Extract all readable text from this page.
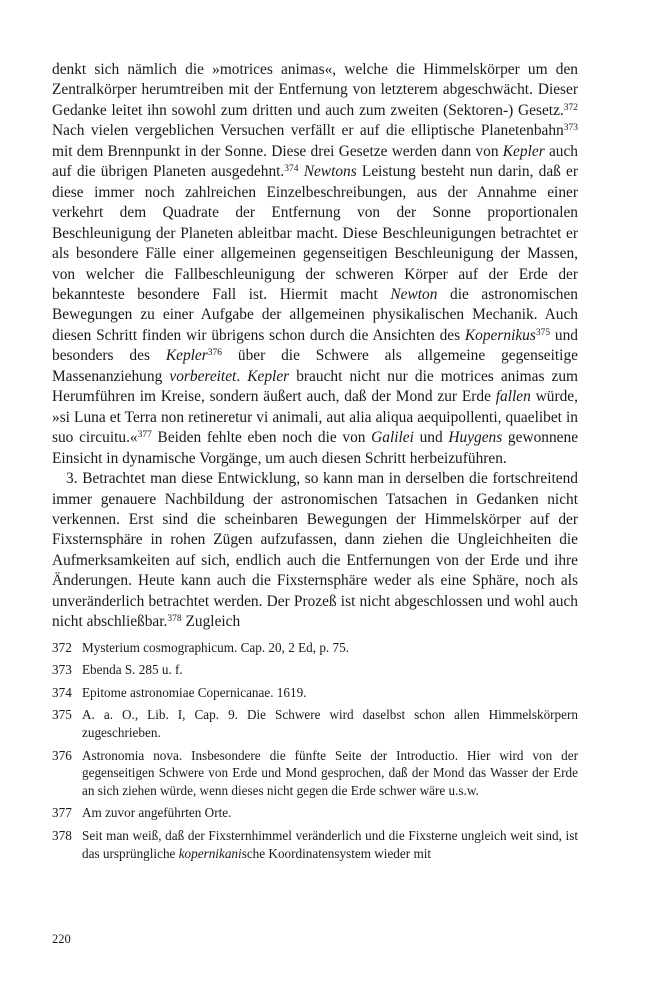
denkt sich nämlich die »motrices animas«, welche die Himmelskörper um den Zentralkörper herumtreiben mit der Entfernung von letzterem abgeschwächt. Dieser Gedanke leitet ihn sowohl zum dritten und auch zum zweiten (Sektoren-) Gesetz.$^{372}$ Nach vielen vergeblichen Versuchen verfällt er auf die elliptische Planetenbahn$^{373}$ mit dem Brennpunkt in der Sonne. Diese drei Gesetze werden dann von Kepler auch auf die übrigen Planeten ausgedehnt.$^{374}$ Newtons Leistung besteht nun darin, daß er diese immer noch zahlreichen Einzelbeschreibungen, aus der Annahme einer verkehrt dem Quadrate der Entfernung von der Sonne proportionalen Beschleunigung der Planeten ableitbar macht. Diese Beschleunigungen betrachtet er als besondere Fälle einer allgemeinen gegenseitigen Beschleunigung der Massen, von welcher die Fallbeschleunigung der schweren Körper auf der Erde der bekannteste besondere Fall ist. Hiermit macht Newton die astronomischen Bewegungen zu einer Aufgabe der allgemeinen physikalischen Mechanik. Auch diesen Schritt finden wir übrigens schon durch die Ansichten des Kopernikus$^{375}$ und besonders des Kepler$^{376}$ über die Schwere als allgemeine gegenseitige Massenanziehung vorbereitet. Kepler braucht nicht nur die motrices animas zum Herumführen im Kreise, sondern äußert auch, daß der Mond zur Erde fallen würde, »si Luna et Terra non retineretur vi animali, aut alia aliqua aequipollenti, quaelibet in suo circuitu.«$^{377}$ Beiden fehlte eben noch die von Galilei und Huygens gewonnene Einsicht in dynamische Vorgänge, um auch diesen Schritt herbeizuführen.

3. Betrachtet man diese Entwicklung, so kann man in derselben die fortschreitend immer genauere Nachbildung der astronomischen Tatsachen in Gedanken nicht verkennen. Erst sind die scheinbaren Bewegungen der Himmelskörper auf der Fixsternsphäre in rohen Zügen aufzufassen, dann ziehen die Ungleichheiten die Aufmerksamkeiten auf sich, endlich auch die Entfernungen von der Erde und ihre Änderungen. Heute kann auch die Fixsternsphäre weder als eine Sphäre, noch als unveränderlich betrachtet werden. Der Prozeß ist nicht abgeschlossen und wohl auch nicht abschließbar.$^{378}$ Zugleich

372 Mysterium cosmographicum. Cap. 20, 2 Ed, p. 75.
373 Ebenda S. 285 u. f.
374 Epitome astronomiae Copernicanae. 1619.
375 A. a. O., Lib. I, Cap. 9. Die Schwere wird daselbst schon allen Himmelskörpern zugeschrieben.
376 Astronomia nova. Insbesondere die fünfte Seite der Introductio. Hier wird von der gegenseitigen Schwere von Erde und Mond gesprochen, daß der Mond das Wasser der Erde an sich ziehen würde, wenn dieses nicht gegen die Erde schwer wäre u.s.w.
377 Am zuvor angeführten Orte.
378 Seit man weiß, daß der Fixsternhimmel veränderlich und die Fixsterne ungleich weit sind, ist das ursprüngliche kopernikanische Koordinatensystem wieder mit
220
